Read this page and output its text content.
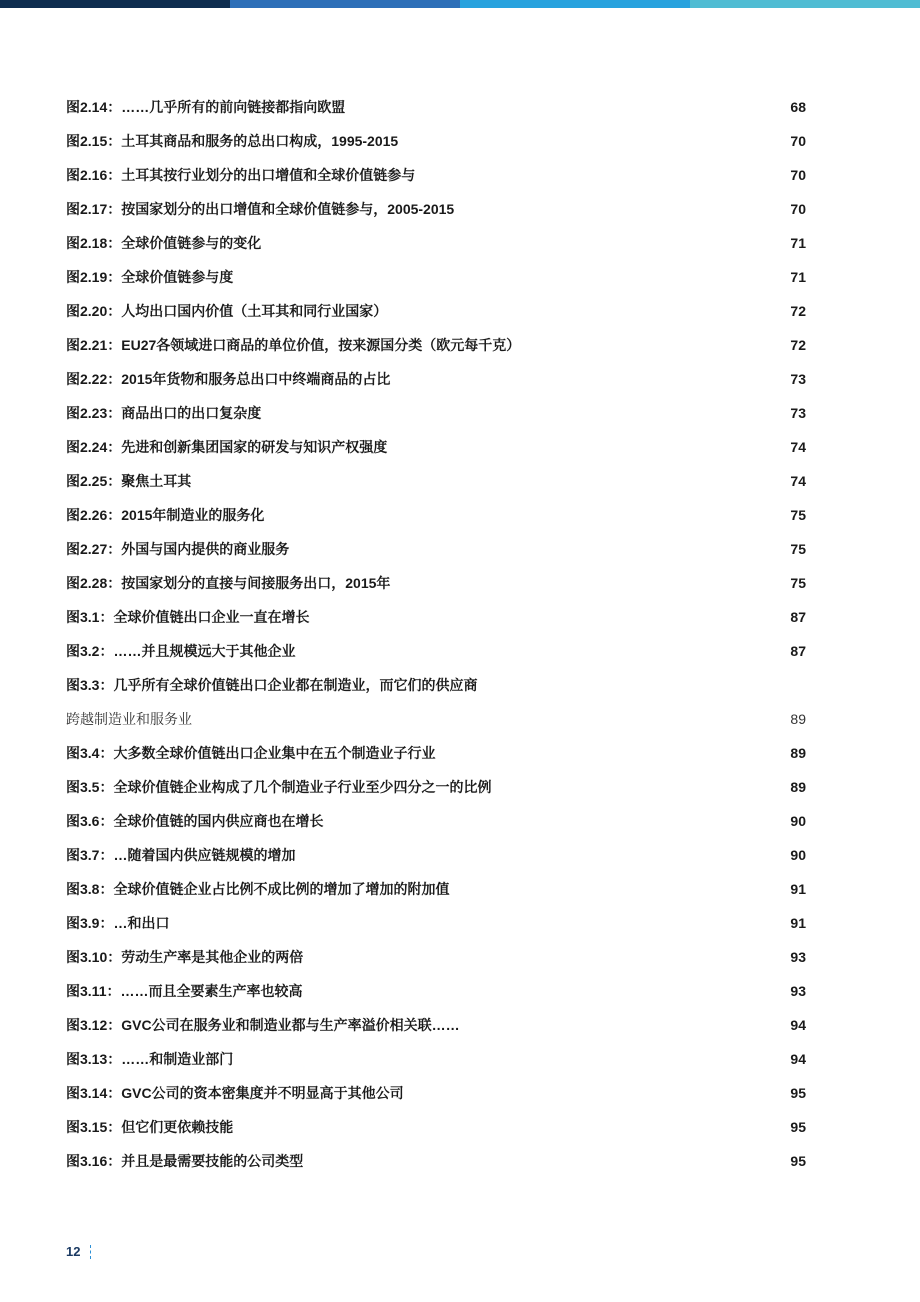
图2.14：……几乎所有的前向链接都指向欧盟	68
图2.15：土耳其商品和服务的总出口构成，1995-2015	70
图2.16：土耳其按行业划分的出口增值和全球价值链参与	70
图2.17：按国家划分的出口增值和全球价值链参与，2005-2015	70
图2.18：全球价值链参与的变化	71
图2.19：全球价值链参与度	71
图2.20：人均出口国内价值（土耳其和同行业国家）	72
图2.21：EU27各领域进口商品的单位价值，按来源国分类（欧元每千克）	72
图2.22：2015年货物和服务总出口中终端商品的占比	73
图2.23：商品出口的出口复杂度	73
图2.24：先进和创新集团国家的研发与知识产权强度	74
图2.25：聚焦土耳其	74
图2.26：2015年制造业的服务化	75
图2.27：外国与国内提供的商业服务	75
图2.28：按国家划分的直接与间接服务出口，2015年	75
图3.1：全球价值链出口企业一直在增长	87
图3.2：……并且规模远大于其他企业	87
图3.3：几乎所有全球价值链出口企业都在制造业，而它们的供应商
跨越制造业和服务业	89
图3.4：大多数全球价值链出口企业集中在五个制造业子行业	89
图3.5：全球价值链企业构成了几个制造业子行业至少四分之一的比例	89
图3.6：全球价值链的国内供应商也在增长	90
图3.7：…随着国内供应链规模的增加	90
图3.8：全球价值链企业占比例不成比例的增加了增加的附加值	91
图3.9：…和出口	91
图3.10：劳动生产率是其他企业的两倍	93
图3.11：……而且全要素生产率也较高	93
图3.12：GVC公司在服务业和制造业都与生产率溢价相关联……	94
图3.13：……和制造业部门	94
图3.14：GVC公司的资本密集度并不明显高于其他公司	95
图3.15：但它们更依赖技能	95
图3.16：并且是最需要技能的公司类型	95
12
